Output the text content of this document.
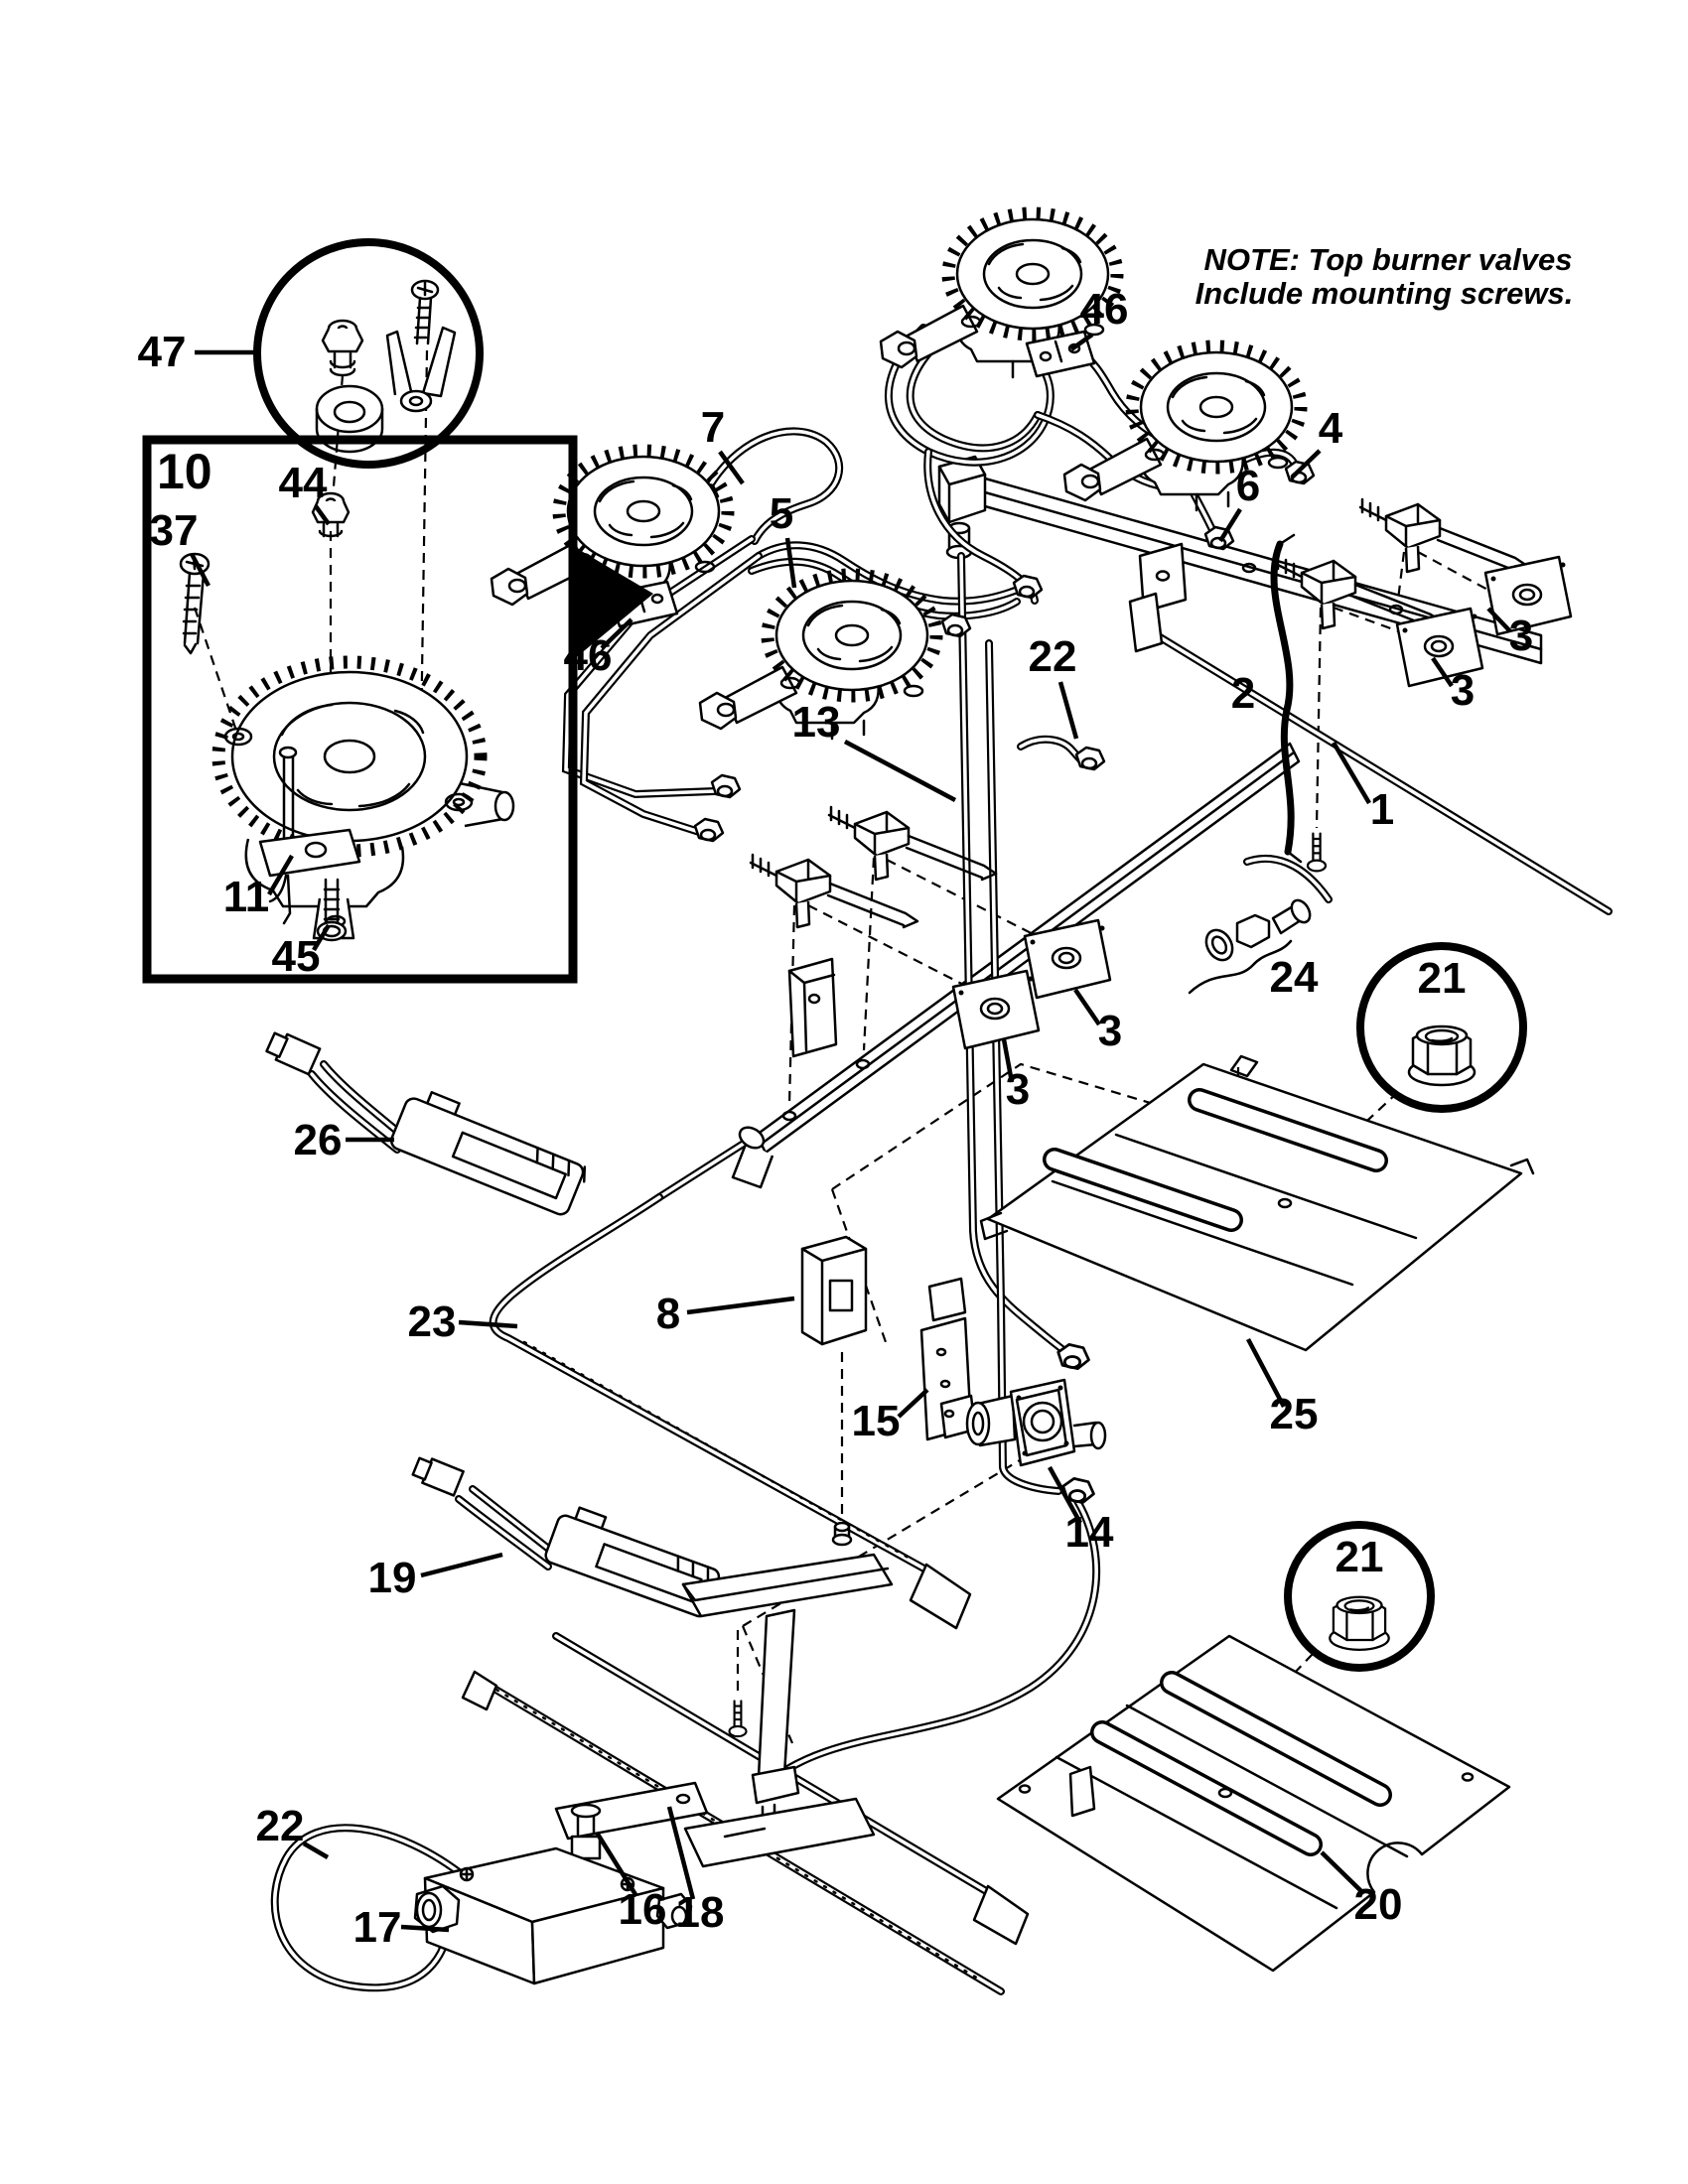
NOTE: Top burner valves
Include mounting screws.
47
10
37
44
11
45
46
7
5
46
4
6
22
13
2
3
3
1
24 21
3
3
26
23	8
15
14
25
19
22
17	16 18
21
20
